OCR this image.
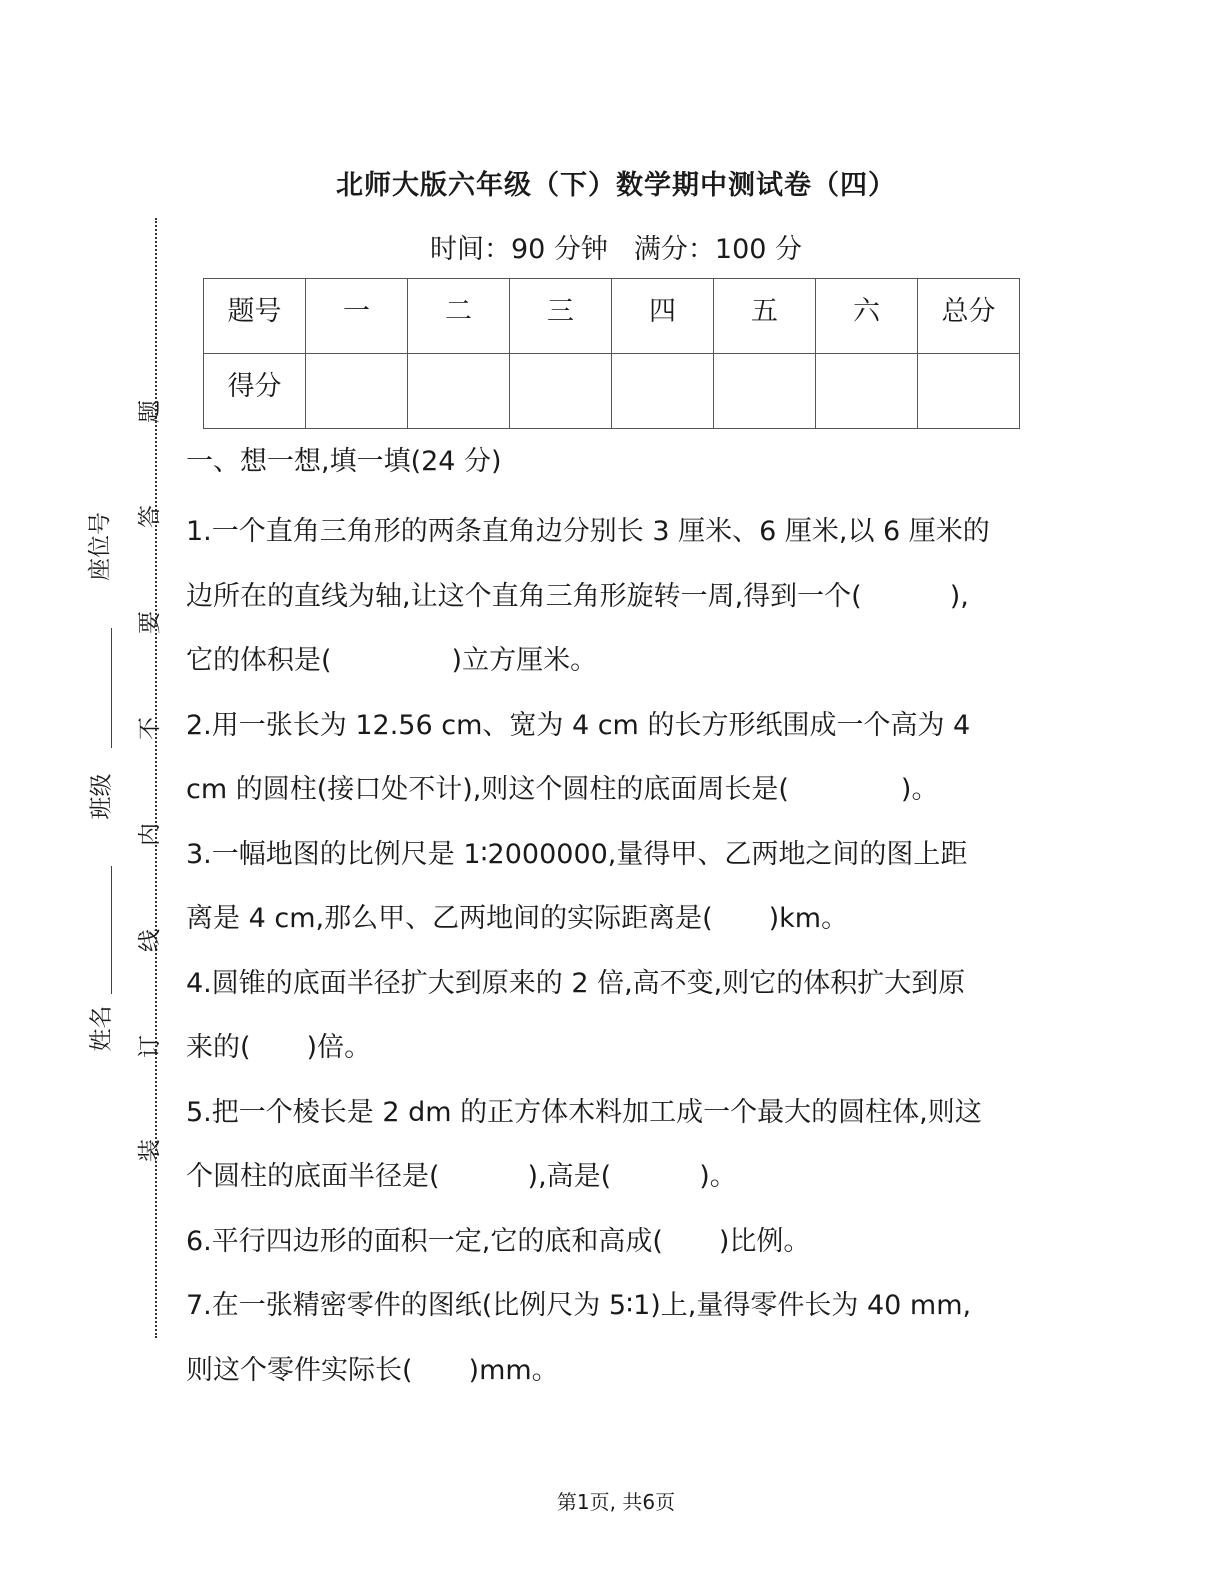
北师大版六年级（下）数学期中测试卷（四）
时间：90 分钟 满分：100 分
题号	一	二	三	四	五	六	总分
得分							
题
答
要
不
内
线
订
装
座位号
班级
姓名
一、想一想,填一填(24 分)
1.一个直角三角形的两条直角边分别长 3 厘米、6 厘米,以 6 厘米的
边所在的直线为轴,让这个直角三角形旋转一周,得到一个(	),
它的体积是(	)立方厘米。
2.用一张长为 12.56 cm、宽为 4 cm 的长方形纸围成一个高为 4
cm 的圆柱(接口处不计),则这个圆柱的底面周长是(	)。
3.一幅地图的比例尺是 1∶2000000,量得甲、乙两地之间的图上距
离是 4 cm,那么甲、乙两地间的实际距离是( )km。
4.圆锥的底面半径扩大到原来的 2 倍,高不变,则它的体积扩大到原
来的( )倍。
5.把一个棱长是 2 dm 的正方体木料加工成一个最大的圆柱体,则这
个圆柱的底面半径是(	),高是(	)。
6.平行四边形的面积一定,它的底和高成( )比例。
7.在一张精密零件的图纸(比例尺为 5∶1)上,量得零件长为 40 mm,
则这个零件实际长( )mm。
第1页, 共6页
